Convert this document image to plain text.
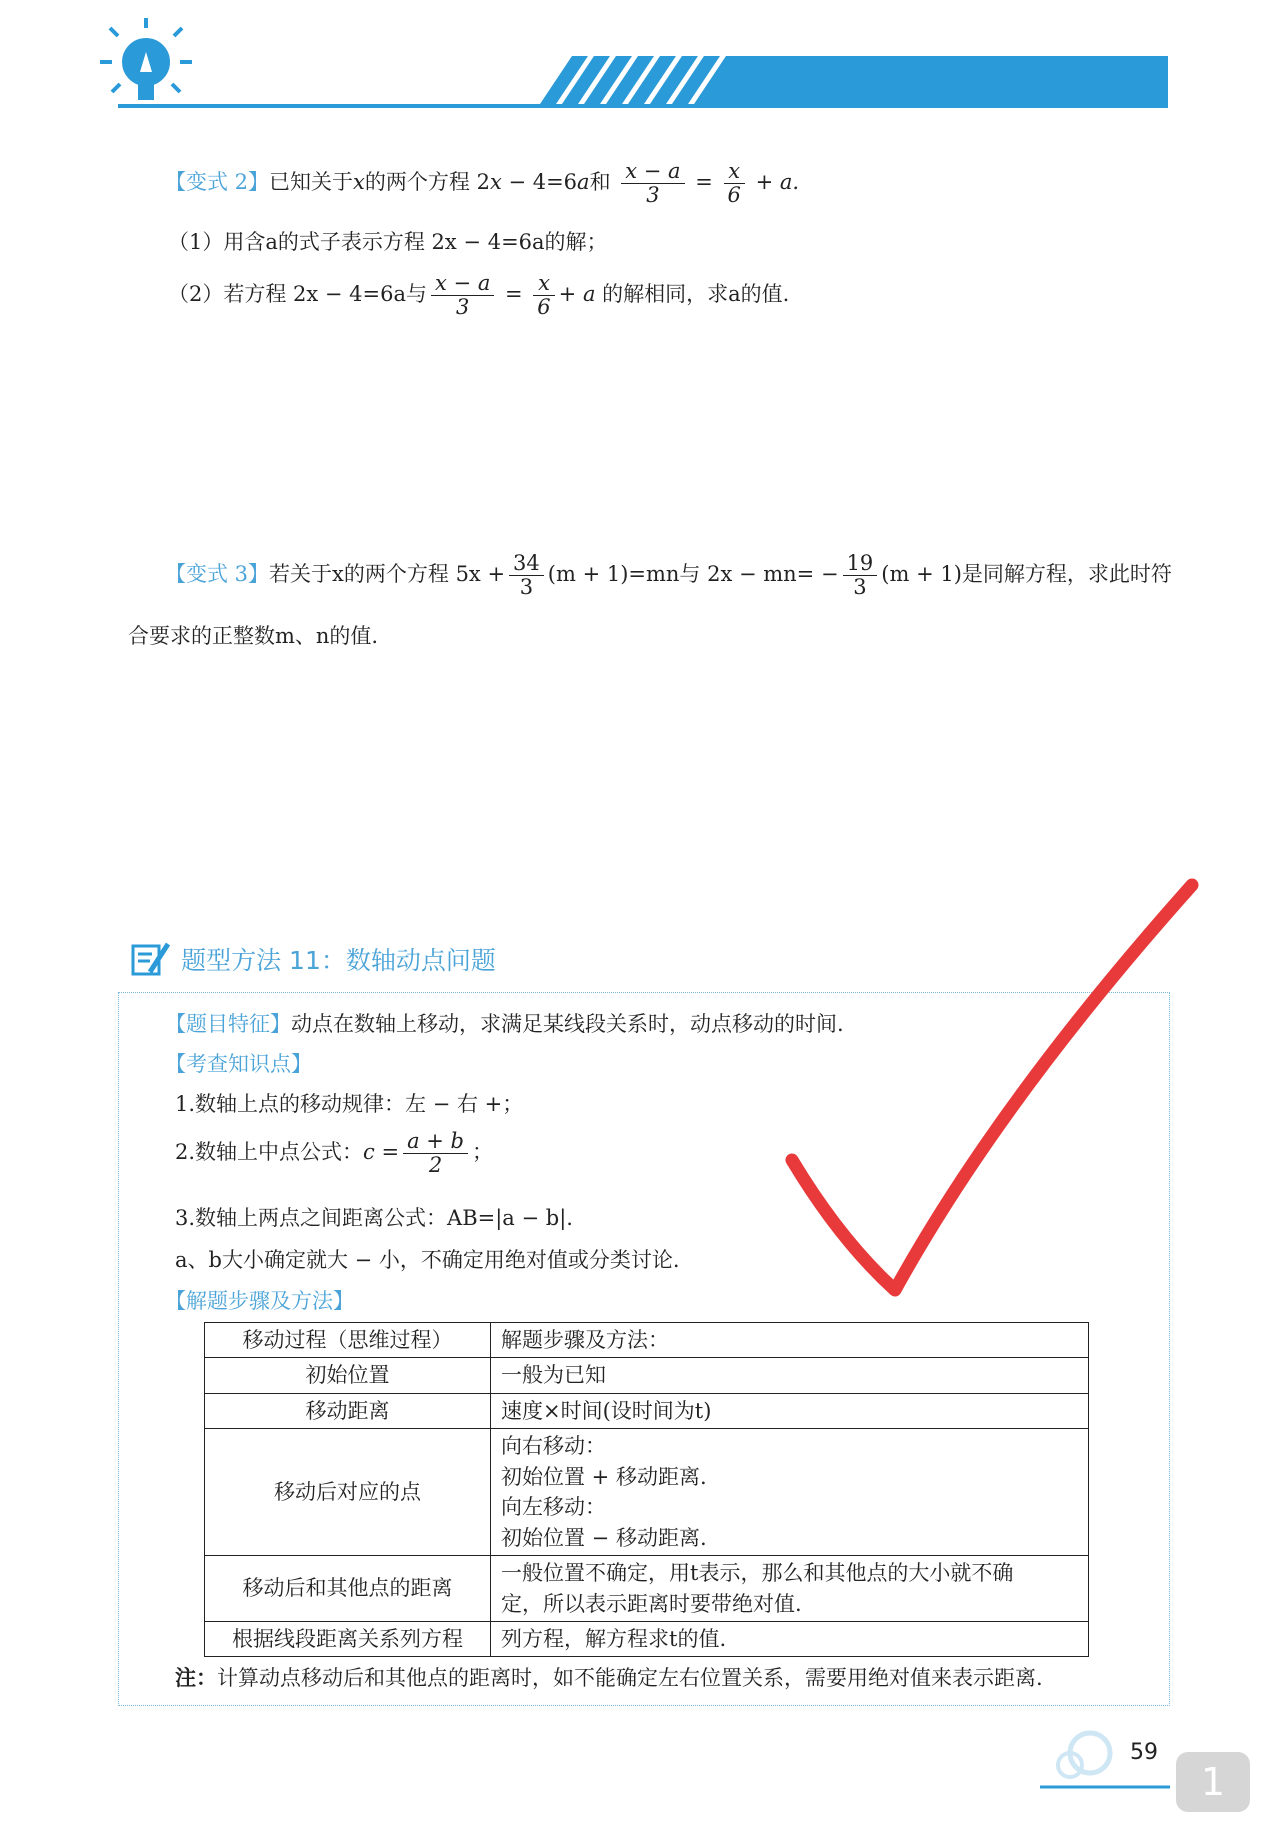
【变式 2】已知关于x的两个方程 2x − 4=6a和 $\frac{x - a}{3} = \frac{x}{6} + a$.
（1）用含a的式子表示方程 2x − 4=6a的解；
（2）若方程 2x − 4=6a与 $\frac{x - a}{3} = \frac{x}{6} + a$ 的解相同，求a的值.
【变式 3】若关于x的两个方程 $5x + \frac{34}{3} (m + 1)=mn$与 $2x - mn= - \frac{19}{3} (m + 1)$是同解方程，求此时符
合要求的正整数m、n的值.
题型方法 11：数轴动点问题
【题目特征】动点在数轴上移动，求满足某线段关系时，动点移动的时间.
【考查知识点】
1.数轴上点的移动规律：左 − 右 +；
2.数轴上中点公式：$c = \frac{a + b}{2}$ ；
3.数轴上两点之间距离公式：AB=|a − b|.
a、b大小确定就大 − 小，不确定用绝对值或分类讨论.
【解题步骤及方法】
移动过程（思维过程）	解题步骤及方法：

初始位置	一般为已知

移动距离	速度×时间(设时间为t)

移动后对应的点	向右移动：
初始位置 + 移动距离.
向左移动：
初始位置 − 移动距离.

移动后和其他点的距离	一般位置不确定，用t表示，那么和其他点的大小就不确
定，所以表示距离时要带绝对值.

根据线段距离关系列方程	列方程，解方程求t的值.
注：计算动点移动后和其他点的距离时，如不能确定左右位置关系，需要用绝对值来表示距离.
59
1
